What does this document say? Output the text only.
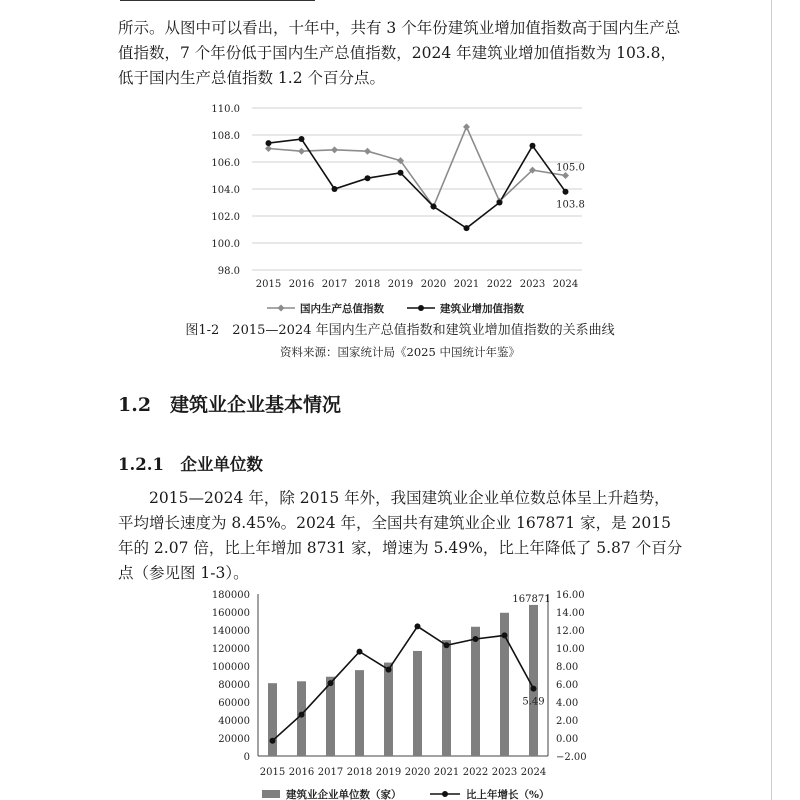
所示。从图中可以看出，十年中，共有 3 个年份建筑业增加值指数高于国内生产总值指数，7 个年份低于国内生产总值指数，2024 年建筑业增加值指数为 103.8，低于国内生产总值指数 1.2 个百分点。

98.0
100.0
102.0
104.0
106.0
108.0
110.0
2015 2016 2017 2018 2019 2020 2021 2022 2023 2024
105.0
103.8
国内生产总值指数	建筑业增加值指数

图1-2　2015—2024 年国内生产总值指数和建筑业增加值指数的关系曲线

资料来源：国家统计局《2025 中国统计年鉴》

1.2　建筑业企业基本情况
1.2.1　企业单位数

2015—2024 年，除 2015 年外，我国建筑业企业单位数总体呈上升趋势，平均增长速度为 8.45%。2024 年，全国共有建筑业企业 167871 家，是 2015 年的 2.07 倍，比上年增加 8731 家，增速为 5.49%，比上年降低了 5.87 个百分点（参见图 1-3）。

0
20000
40000
60000
80000
100000
120000
140000
160000
180000
−2.00
0.00
2.00
4.00
6.00
8.00
10.00
12.00
14.00
16.00
2015 2016 2017 2018 2019 2020 2021 2022 2023 2024
167871
5.49
建筑业企业单位数（家）	比上年增长（%）
